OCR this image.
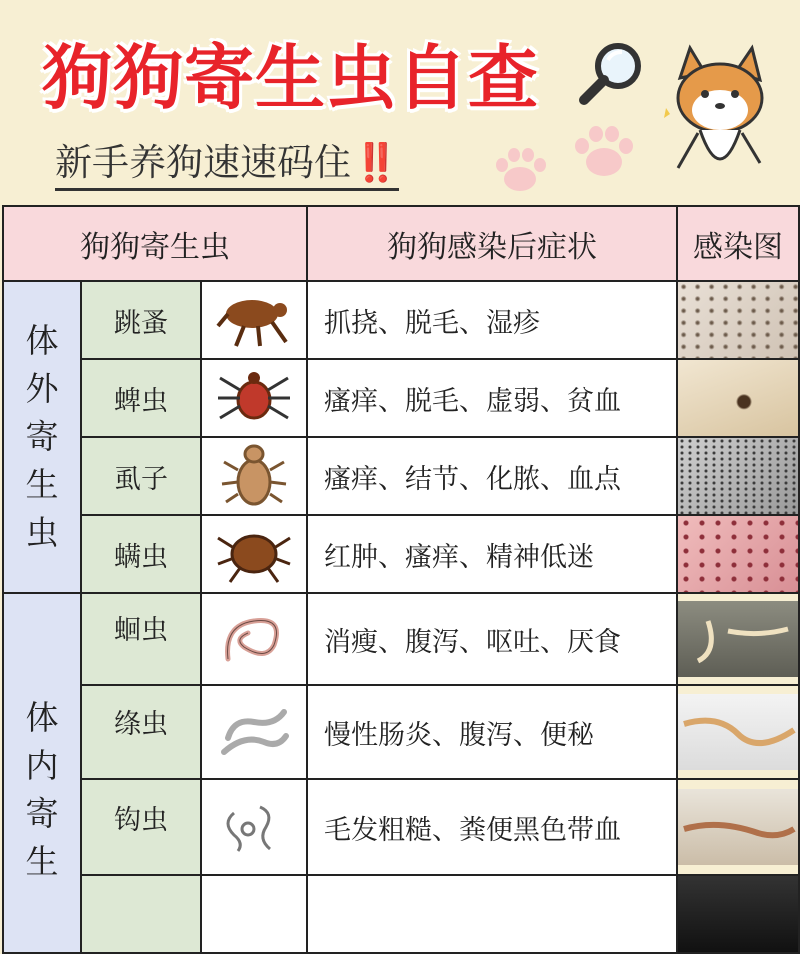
狗狗寄生虫自查
新手养狗速速码住‼️
狗狗寄生虫			狗狗感染后症状	感染图

体
外
寄
生
虫	跳蚤		抓挠、脱毛、湿疹	

	蜱虫		瘙痒、脱毛、虚弱、贫血	

	虱子		瘙痒、结节、化脓、血点	

	螨虫		红肿、瘙痒、精神低迷	

体
内
寄
生	蛔虫		消瘦、腹泻、呕吐、厌食	

	绦虫		慢性肠炎、腹泻、便秘	

	钩虫		毛发粗糙、粪便黑色带血	
